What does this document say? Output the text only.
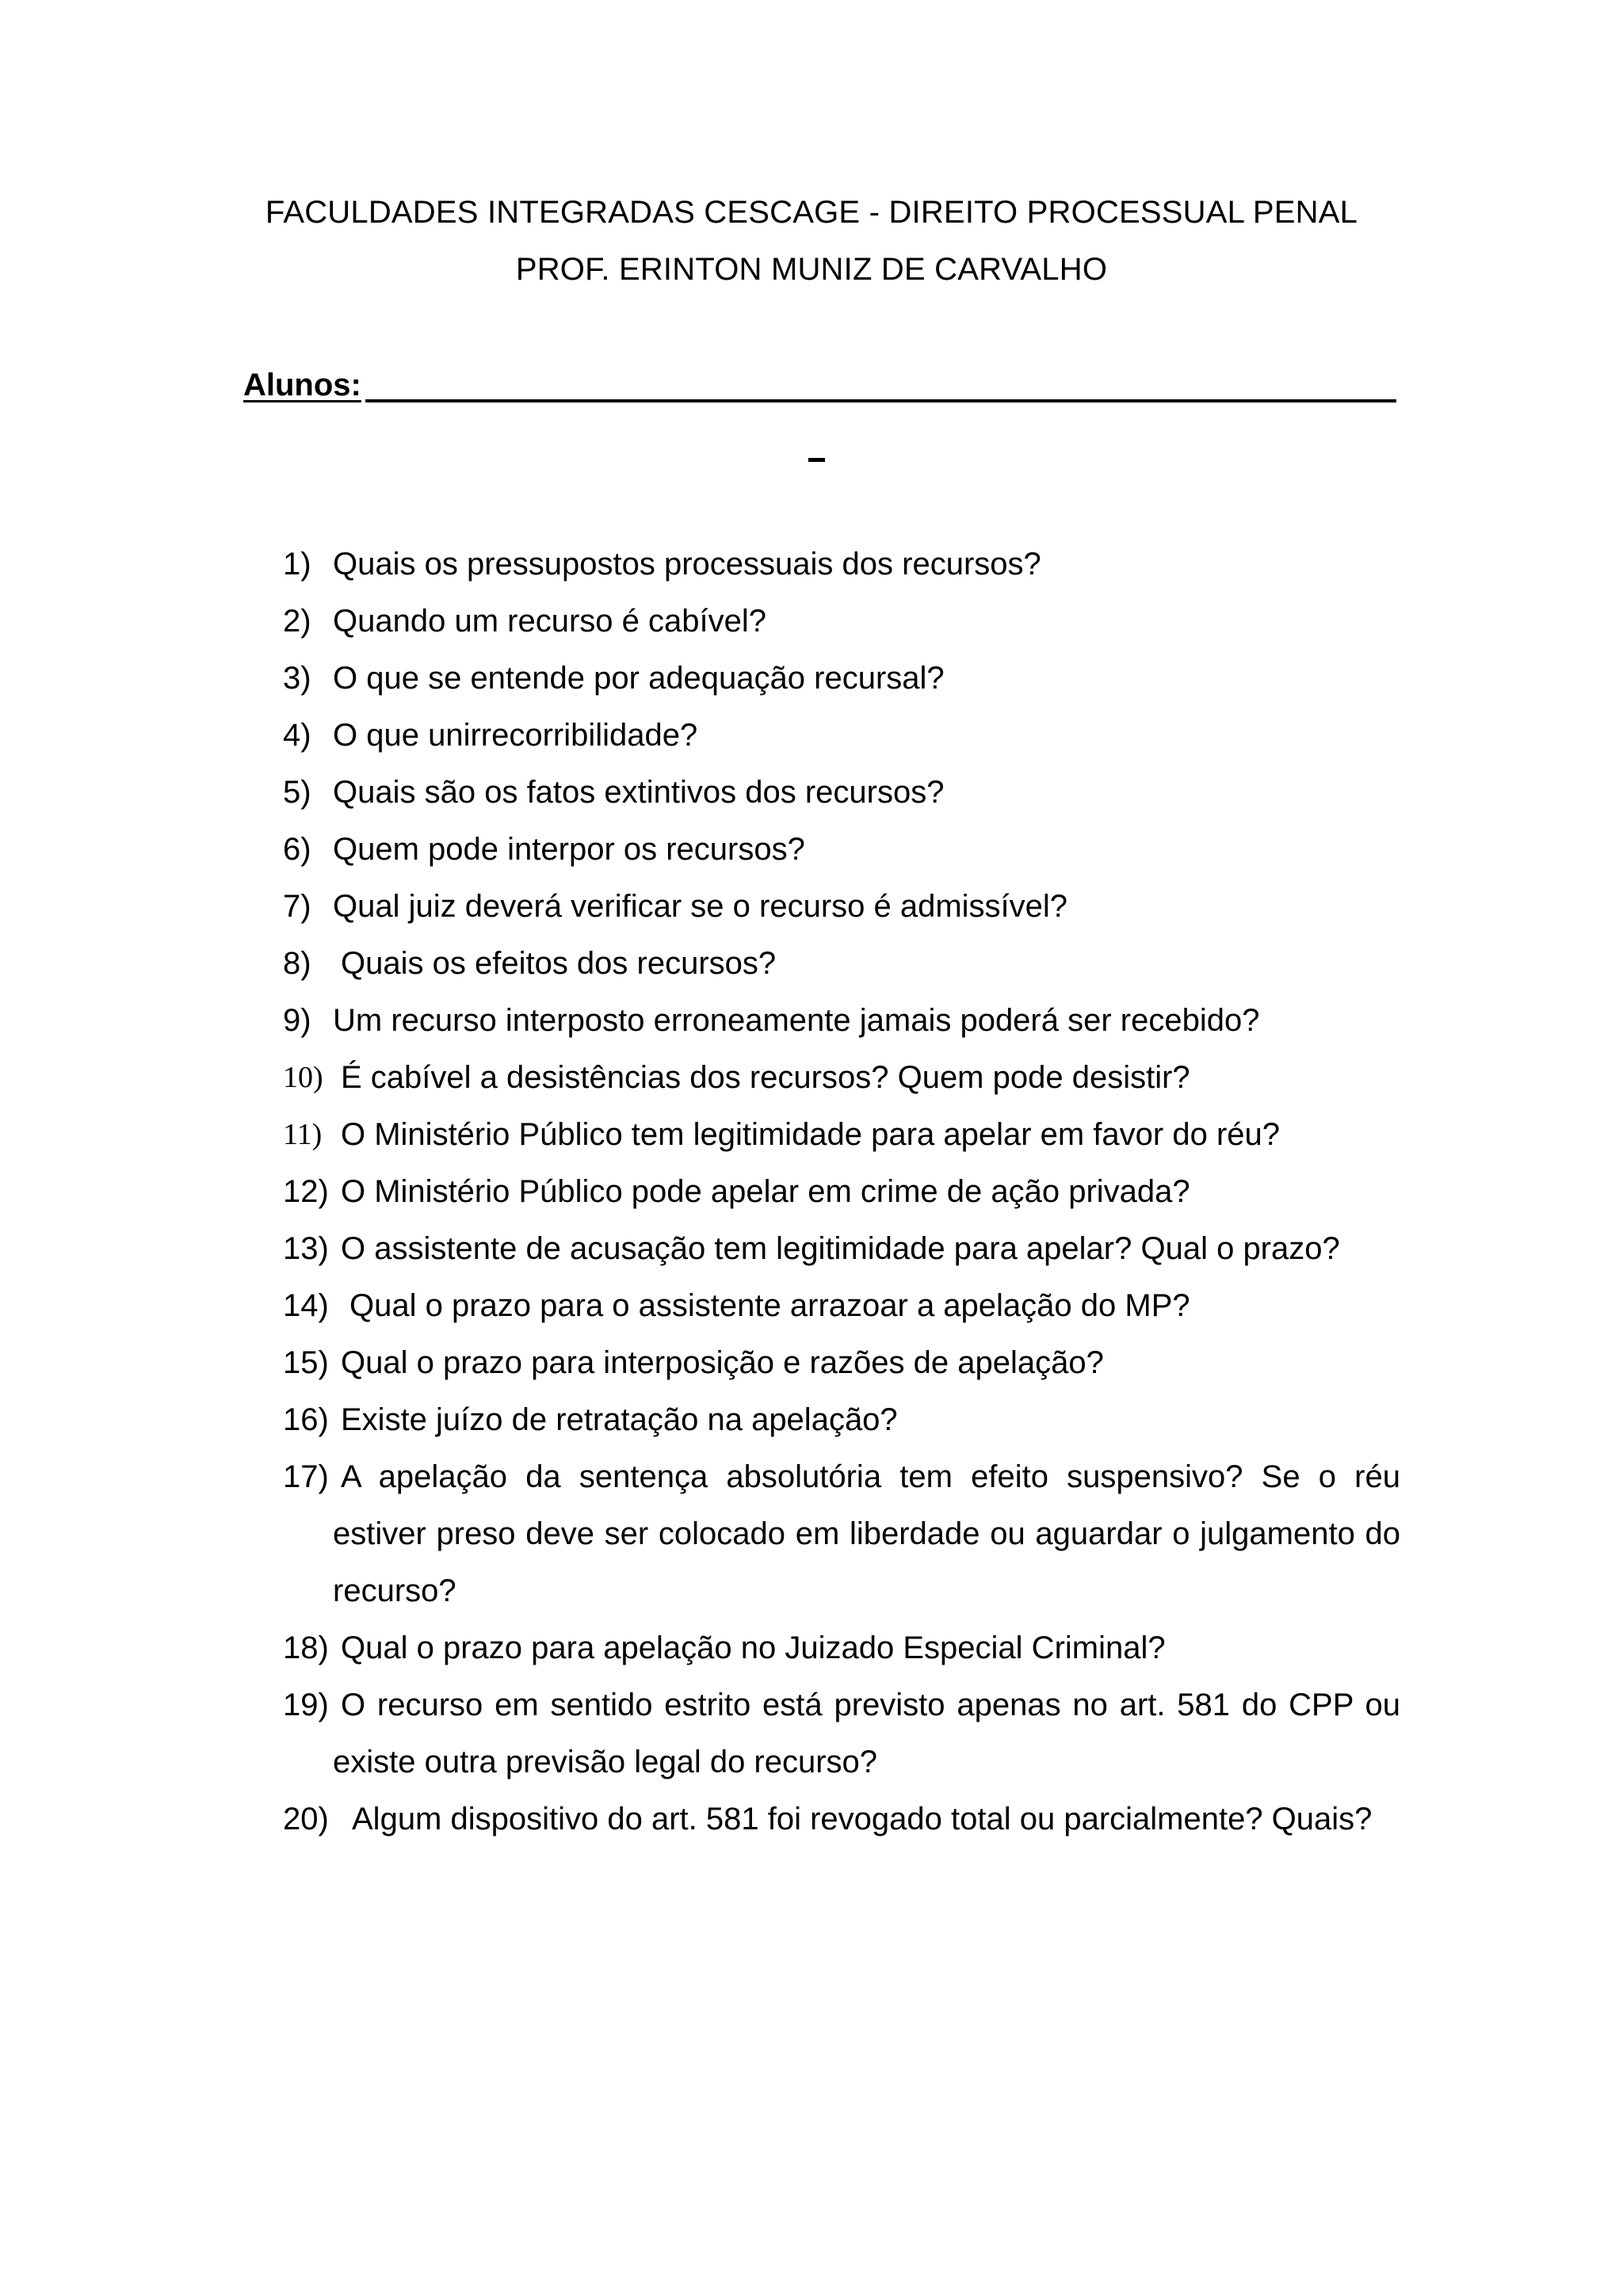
FACULDADES INTEGRADAS CESCAGE - DIREITO PROCESSUAL PENAL
PROF. ERINTON MUNIZ DE CARVALHO
Alunos:
1) Quais os pressupostos processuais dos recursos?
2) Quando um recurso é cabível?
3) O que se entende por adequação recursal?
4) O que unirrecorribilidade?
5) Quais são os fatos extintivos dos recursos?
6) Quem pode interpor os recursos?
7) Qual juiz deverá verificar se o recurso é admissível?
8) Quais os efeitos dos recursos?
9) Um recurso interposto erroneamente jamais poderá ser recebido?
10) É cabível a desistências dos recursos? Quem pode desistir?
11) O Ministério Público tem legitimidade para apelar em favor do réu?
12) O Ministério Público pode apelar em crime de ação privada?
13) O assistente de acusação tem legitimidade para apelar? Qual o prazo?
14) Qual o prazo para o assistente arrazoar a apelação do MP?
15) Qual o prazo para interposição e razões de apelação?
16) Existe juízo de retratação na apelação?
17) A apelação da sentença absolutória tem efeito suspensivo? Se o réu estiver preso deve ser colocado em liberdade ou aguardar o julgamento do recurso?
18) Qual o prazo para apelação no Juizado Especial Criminal?
19) O recurso em sentido estrito está previsto apenas no art. 581 do CPP ou existe outra previsão legal do recurso?
20) Algum dispositivo do art. 581 foi revogado total ou parcialmente? Quais?
